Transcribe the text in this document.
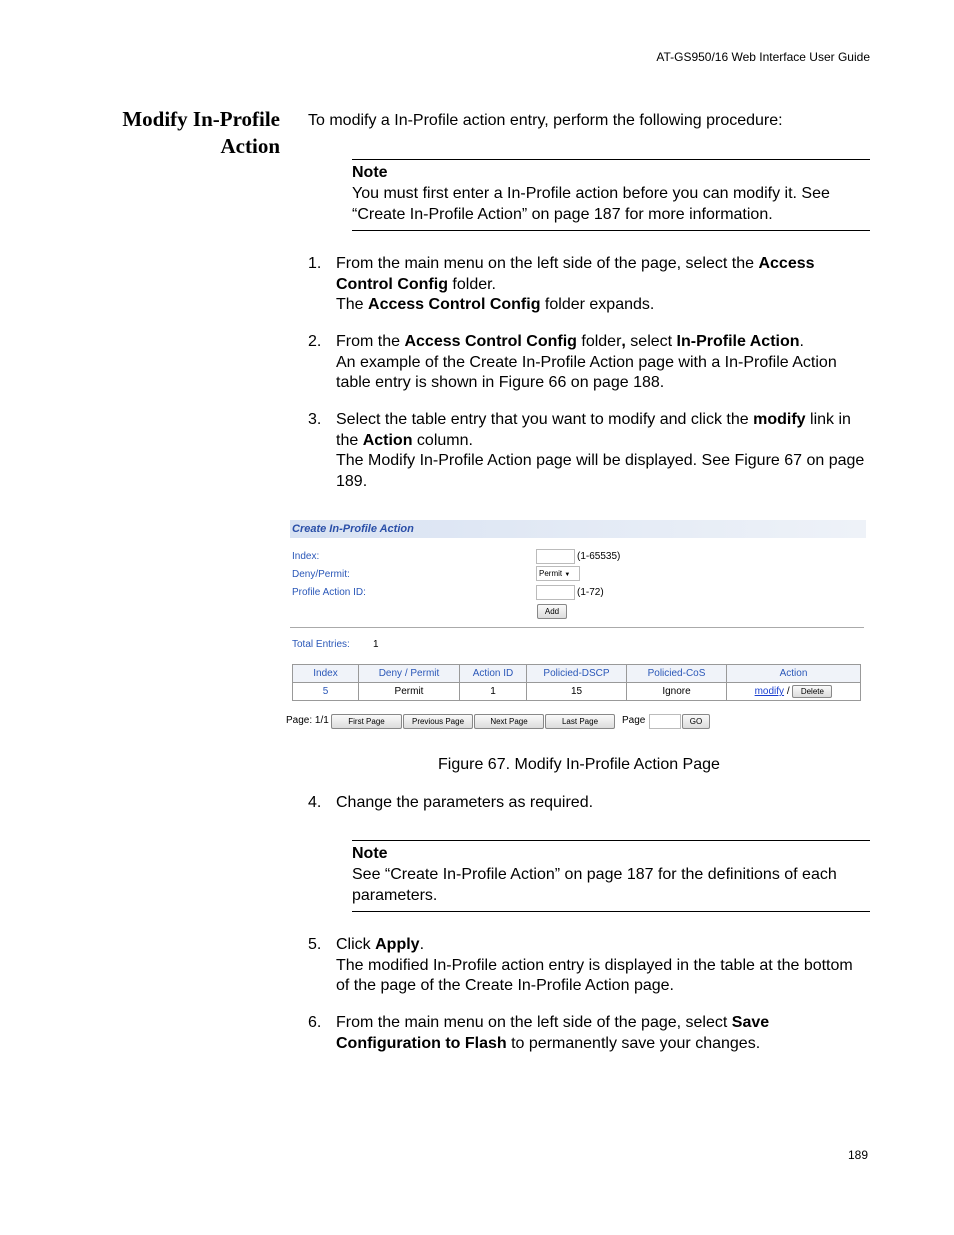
AT-GS950/16 Web Interface User Guide
Modify In-Profile
Action
To modify a In-Profile action entry, perform the following procedure:
Note
You must first enter a In-Profile action before you can modify it. See “Create In-Profile Action” on page 187 for more information.
1. From the main menu on the left side of the page, select the Access Control Config folder.
The Access Control Config folder expands.
2. From the Access Control Config folder, select In-Profile Action.
An example of the Create In-Profile Action page with a In-Profile Action table entry is shown in Figure 66 on page 188.
3. Select the table entry that you want to modify and click the modify link in the Action column.
The Modify In-Profile Action page will be displayed. See Figure 67 on page 189.
Create In-Profile Action
Index:	(1-65535)
Deny/Permit:	Permit ▼
Profile Action ID:	(1-72)
Add
Total Entries: 1
Index	Deny / Permit	Action ID	Policied-DSCP	Policied-CoS	Action
5	Permit	1	15	Ignore	modify / Delete
Page: 1/1	First Page	Previous Page	Next Page	Last Page	Page	GO
Figure 67. Modify In-Profile Action Page
4. Change the parameters as required.
Note
See “Create In-Profile Action” on page 187 for the definitions of each parameters.
5. Click Apply.
The modified In-Profile action entry is displayed in the table at the bottom of the page of the Create In-Profile Action page.
6. From the main menu on the left side of the page, select Save Configuration to Flash to permanently save your changes.
189
